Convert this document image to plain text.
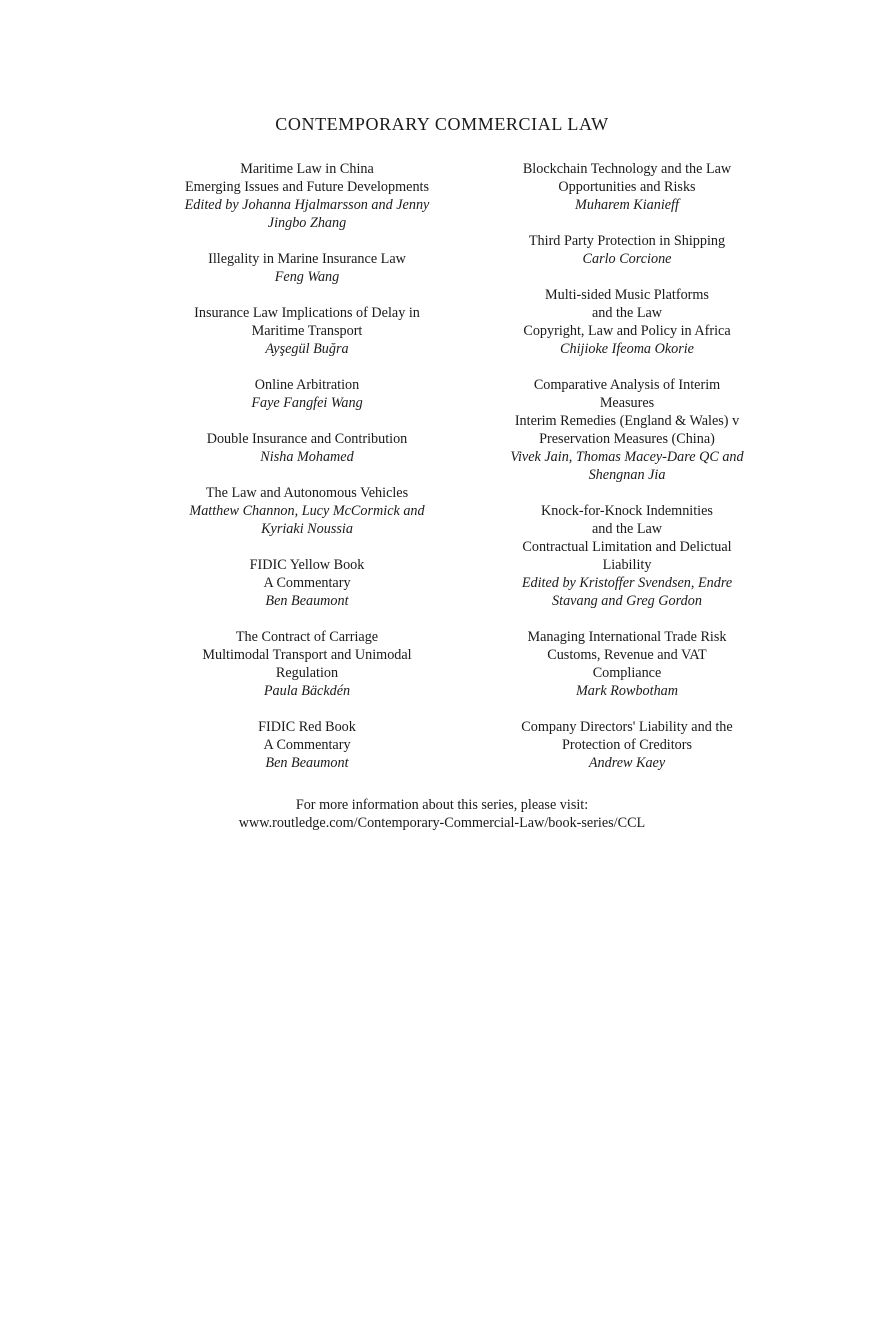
CONTEMPORARY COMMERCIAL LAW
Maritime Law in China
Emerging Issues and Future Developments
Edited by Johanna Hjalmarsson and Jenny
Jingbo Zhang
Illegality in Marine Insurance Law
Feng Wang
Insurance Law Implications of Delay in
Maritime Transport
Ayşegül Buğra
Online Arbitration
Faye Fangfei Wang
Double Insurance and Contribution
Nisha Mohamed
The Law and Autonomous Vehicles
Matthew Channon, Lucy McCormick and
Kyriaki Noussia
FIDIC Yellow Book
A Commentary
Ben Beaumont
The Contract of Carriage
Multimodal Transport and Unimodal
Regulation
Paula Bäckdén
FIDIC Red Book
A Commentary
Ben Beaumont
Blockchain Technology and the Law
Opportunities and Risks
Muharem Kianieff
Third Party Protection in Shipping
Carlo Corcione
Multi-sided Music Platforms
and the Law
Copyright, Law and Policy in Africa
Chijioke Ifeoma Okorie
Comparative Analysis of Interim
Measures
Interim Remedies (England & Wales) v
Preservation Measures (China)
Vivek Jain, Thomas Macey-Dare QC and
Shengnan Jia
Knock-for-Knock Indemnities
and the Law
Contractual Limitation and Delictual
Liability
Edited by Kristoffer Svendsen, Endre
Stavang and Greg Gordon
Managing International Trade Risk
Customs, Revenue and VAT
Compliance
Mark Rowbotham
Company Directors' Liability and the
Protection of Creditors
Andrew Kaey
For more information about this series, please visit:
www.routledge.com/Contemporary-Commercial-Law/book-series/CCL
